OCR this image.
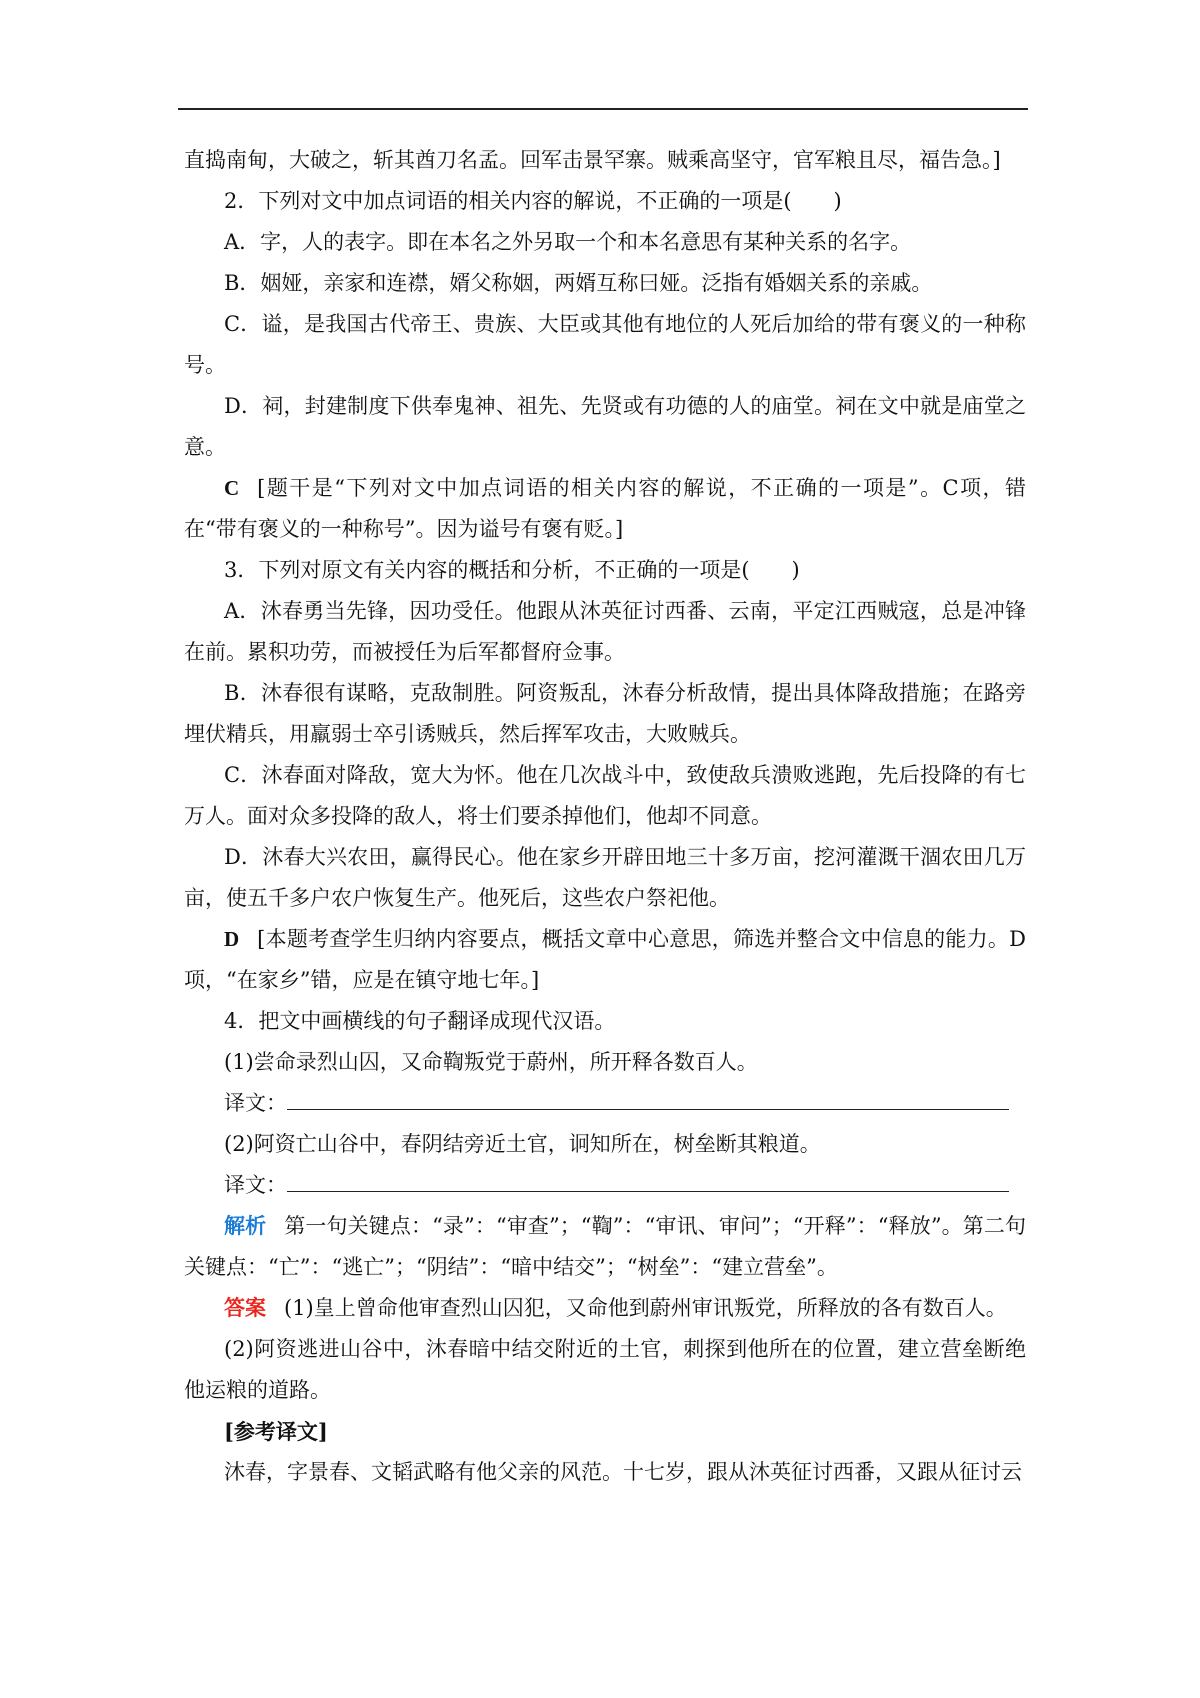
直捣南甸，大破之，斩其酋刀名孟。回军击景罕寨。贼乘高坚守，官军粮且尽，福告急。]

2．下列对文中加点词语的相关内容的解说，不正确的一项是(　　)

A．字，人的表字。即在本名之外另取一个和本名意思有某种关系的名字。

B．姻娅，亲家和连襟，婿父称姻，两婿互称曰娅。泛指有婚姻关系的亲戚。

C．谥，是我国古代帝王、贵族、大臣或其他有地位的人死后加给的带有褒义的一种称号。

D．祠，封建制度下供奉鬼神、祖先、先贤或有功德的人的庙堂。祠在文中就是庙堂之意。

C [题干是“下列对文中加点词语的相关内容的解说，不正确的一项是”。C项，错在“带有褒义的一种称号”。因为谥号有褒有贬。]

3．下列对原文有关内容的概括和分析，不正确的一项是(　　)

A．沐春勇当先锋，因功受任。他跟从沐英征讨西番、云南，平定江西贼寇，总是冲锋在前。累积功劳，而被授任为后军都督府佥事。

B．沐春很有谋略，克敌制胜。阿资叛乱，沐春分析敌情，提出具体降敌措施；在路旁埋伏精兵，用羸弱士卒引诱贼兵，然后挥军攻击，大败贼兵。

C．沐春面对降敌，宽大为怀。他在几次战斗中，致使敌兵溃败逃跑，先后投降的有七万人。面对众多投降的敌人，将士们要杀掉他们，他却不同意。

D．沐春大兴农田，赢得民心。他在家乡开辟田地三十多万亩，挖河灌溉干涸农田几万亩，使五千多户农户恢复生产。他死后，这些农户祭祀他。

D [本题考查学生归纳内容要点，概括文章中心意思，筛选并整合文中信息的能力。D项，“在家乡”错，应是在镇守地七年。]

4．把文中画横线的句子翻译成现代汉语。

(1)尝命录烈山囚，又命鞫叛党于蔚州，所开释各数百人。

译文：

(2)阿资亡山谷中，春阴结旁近土官，诇知所在，树垒断其粮道。

译文：

解析 第一句关键点：“录”：“审查”；“鞫”：“审讯、审问”；“开释”：“释放”。第二句关键点：“亡”：“逃亡”；“阴结”：“暗中结交”；“树垒”：“建立营垒”。

答案 (1)皇上曾命他审查烈山囚犯，又命他到蔚州审讯叛党，所释放的各有数百人。

(2)阿资逃进山谷中，沐春暗中结交附近的土官，刺探到他所在的位置，建立营垒断绝他运粮的道路。

[参考译文]

沐春，字景春、文韬武略有他父亲的风范。十七岁，跟从沐英征讨西番，又跟从征讨云
